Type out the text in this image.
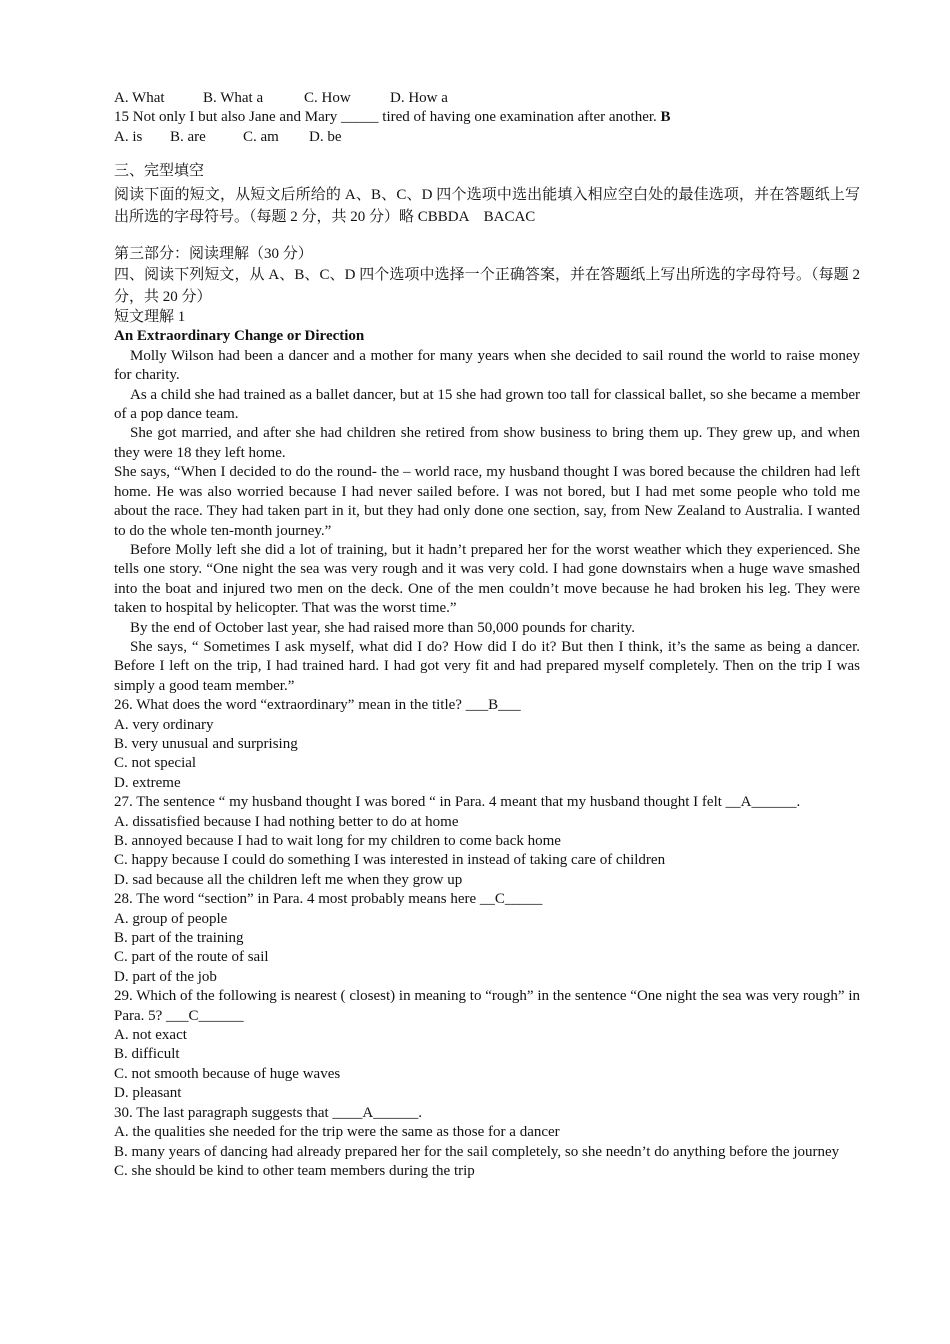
A. What	B. What a	C. How	D. How a
15 Not only I but also Jane and Mary _____ tired of having one examination after another. B
A. is B. are C. am D. be
三、完型填空
阅读下面的短文，从短文后所给的 A、B、C、D 四个选项中选出能填入相应空白处的最佳选项，并在答题纸上写出所选的字母符号。（每题 2 分，共 20 分）略 CBBDA　BACAC
第三部分：阅读理解（30 分）
四、阅读下列短文，从 A、B、C、D 四个选项中选择一个正确答案，并在答题纸上写出所选的字母符号。（每题 2 分，共 20 分）
短文理解 1
An Extraordinary Change or Direction
Molly Wilson had been a dancer and a mother for many years when she decided to sail round the world to raise money for charity.
As a child she had trained as a ballet dancer, but at 15 she had grown too tall for classical ballet, so she became a member of a pop dance team.
She got married, and after she had children she retired from show business to bring them up. They grew up, and when they were 18 they left home.
She says, “When I decided to do the round- the – world race, my husband thought I was bored because the children had left home. He was also worried because I had never sailed before. I was not bored, but I had met some people who told me about the race. They had taken part in it, but they had only done one section, say, from New Zealand to Australia. I wanted to do the whole ten-month journey.”
Before Molly left she did a lot of training, but it hadn’t prepared her for the worst weather which they experienced. She tells one story. “One night the sea was very rough and it was very cold. I had gone downstairs when a huge wave smashed into the boat and injured two men on the deck. One of the men couldn’t move because he had broken his leg. They were taken to hospital by helicopter. That was the worst time.”
By the end of October last year, she had raised more than 50,000 pounds for charity.
She says, “ Sometimes I ask myself, what did I do? How did I do it? But then I think, it’s the same as being a dancer. Before I left on the trip, I had trained hard. I had got very fit and had prepared myself completely. Then on the trip I was simply a good team member.”
26. What does the word “extraordinary” mean in the title? ___B___
A. very ordinary
B. very unusual and surprising
C. not special
D. extreme
27. The sentence “ my husband thought I was bored “ in Para. 4 meant that my husband thought I felt __A______.
A. dissatisfied because I had nothing better to do at home
B. annoyed because I had to wait long for my children to come back home
C. happy because I could do something I was interested in instead of taking care of children
D. sad because all the children left me when they grow up
28. The word “section” in Para. 4 most probably means here __C_____
A. group of people
B. part of the training
C. part of the route of sail
D. part of the job
29. Which of the following is nearest ( closest) in meaning to “rough” in the sentence “One night the sea was very rough” in Para. 5? ___C______
A. not exact
B. difficult
C. not smooth because of huge waves
D. pleasant
30. The last paragraph suggests that ____A______.
A. the qualities she needed for the trip were the same as those for a dancer
B. many years of dancing had already prepared her for the sail completely, so she needn’t do anything before the journey
C. she should be kind to other team members during the trip
